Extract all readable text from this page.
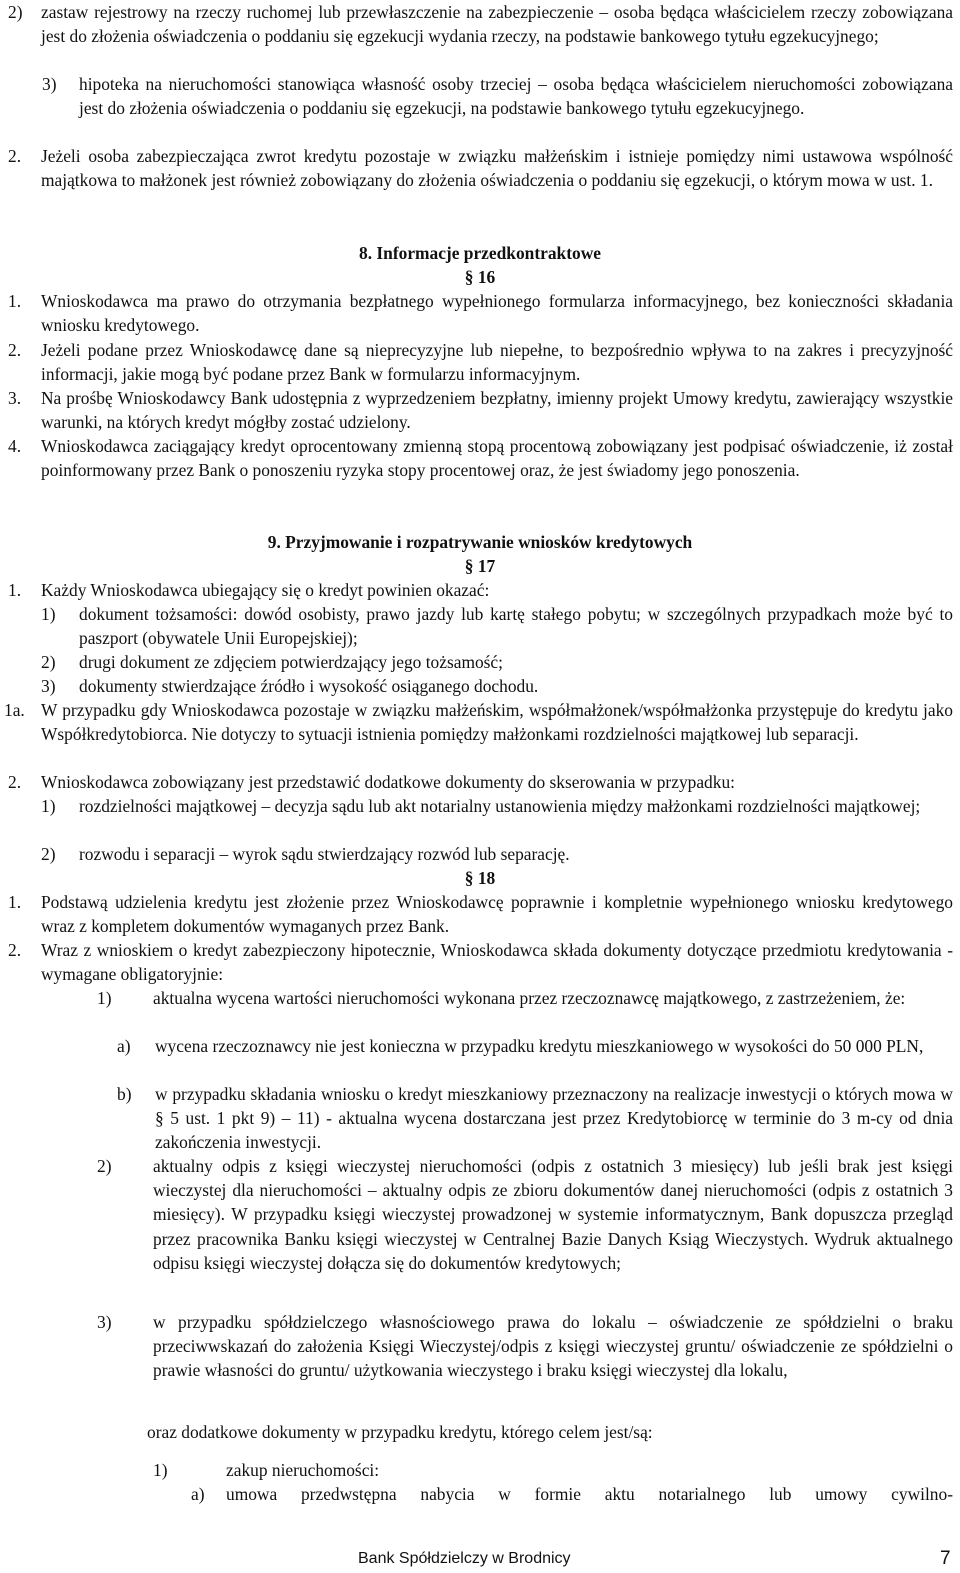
2) zastaw rejestrowy na rzeczy ruchomej lub przewłaszczenie na zabezpieczenie – osoba będąca właścicielem rzeczy zobowiązana jest do złożenia oświadczenia o poddaniu się egzekucji wydania rzeczy, na podstawie bankowego tytułu egzekucyjnego;
3) hipoteka na nieruchomości stanowiąca własność osoby trzeciej – osoba będąca właścicielem nieruchomości zobowiązana jest do złożenia oświadczenia o poddaniu się egzekucji, na podstawie bankowego tytułu egzekucyjnego.
2. Jeżeli osoba zabezpieczająca zwrot kredytu pozostaje w związku małżeńskim i istnieje pomiędzy nimi ustawowa wspólność majątkowa to małżonek jest również zobowiązany do złożenia oświadczenia o poddaniu się egzekucji, o którym mowa w ust. 1.
8. Informacje przedkontraktowe
§ 16
1. Wnioskodawca ma prawo do otrzymania bezpłatnego wypełnionego formularza informacyjnego, bez konieczności składania wniosku kredytowego.
2. Jeżeli podane przez Wnioskodawcę dane są nieprecyzyjne lub niepełne, to bezpośrednio wpływa to na zakres i precyzyjność informacji, jakie mogą być podane przez Bank w formularzu informacyjnym.
3. Na prośbę Wnioskodawcy Bank udostępnia z wyprzedzeniem bezpłatny, imienny projekt Umowy kredytu, zawierający wszystkie warunki, na których kredyt mógłby zostać udzielony.
4. Wnioskodawca zaciągający kredyt oprocentowany zmienną stopą procentową zobowiązany jest podpisać oświadczenie, iż został poinformowany przez Bank o ponoszeniu ryzyka stopy procentowej oraz, że jest świadomy jego ponoszenia.
9. Przyjmowanie i rozpatrywanie wniosków kredytowych
§ 17
1. Każdy Wnioskodawca ubiegający się o kredyt powinien okazać:
1) dokument tożsamości: dowód osobisty, prawo jazdy lub kartę stałego pobytu; w szczególnych przypadkach może być to paszport (obywatele Unii Europejskiej);
2) drugi dokument ze zdjęciem potwierdzający jego tożsamość;
3) dokumenty stwierdzające źródło i wysokość osiąganego dochodu.
1a. W przypadku gdy Wnioskodawca pozostaje w związku małżeńskim, współmałżonek/współmałżonka przystępuje do kredytu jako Współkredytobiorca. Nie dotyczy to sytuacji istnienia pomiędzy małżonkami rozdzielności majątkowej lub separacji.
2. Wnioskodawca zobowiązany jest przedstawić dodatkowe dokumenty do skserowania w przypadku:
1) rozdzielności majątkowej – decyzja sądu lub akt notarialny ustanowienia między małżonkami rozdzielności majątkowej;
2) rozwodu i separacji – wyrok sądu stwierdzający rozwód lub separację.
§ 18
1. Podstawą udzielenia kredytu jest złożenie przez Wnioskodawcę poprawnie i kompletnie wypełnionego wniosku kredytowego wraz z kompletem dokumentów wymaganych przez Bank.
2. Wraz z wnioskiem o kredyt zabezpieczony hipotecznie, Wnioskodawca składa dokumenty dotyczące przedmiotu kredytowania - wymagane obligatoryjnie:
1) aktualna wycena wartości nieruchomości wykonana przez rzeczoznawcę majątkowego, z zastrzeżeniem, że:
a) wycena rzeczoznawcy nie jest konieczna w przypadku kredytu mieszkaniowego w wysokości do 50 000 PLN,
b) w przypadku składania wniosku o kredyt mieszkaniowy przeznaczony na realizacje inwestycji o których mowa w § 5 ust. 1 pkt 9) – 11) - aktualna wycena dostarczana jest przez Kredytobiorcę w terminie do 3 m-cy od dnia zakończenia inwestycji.
2) aktualny odpis z księgi wieczystej nieruchomości (odpis z ostatnich 3 miesięcy) lub jeśli brak jest księgi wieczystej dla nieruchomości – aktualny odpis ze zbioru dokumentów danej nieruchomości (odpis z ostatnich 3 miesięcy). W przypadku księgi wieczystej prowadzonej w systemie informatycznym, Bank dopuszcza przegląd przez pracownika Banku księgi wieczystej w Centralnej Bazie Danych Ksiąg Wieczystych. Wydruk aktualnego odpisu księgi wieczystej dołącza się do dokumentów kredytowych;
3) w przypadku spółdzielczego własnościowego prawa do lokalu – oświadczenie ze spółdzielni o braku przeciwwskazań do założenia Księgi Wieczystej/odpis z księgi wieczystej gruntu/ oświadczenie ze spółdzielni o prawie własności do gruntu/ użytkowania wieczystego i braku księgi wieczystej dla lokalu,
oraz dodatkowe dokumenty w przypadku kredytu, którego celem jest/są:
1)	zakup nieruchomości:
a) umowa przedwstępna nabycia w formie aktu notarialnego lub umowy cywilno-
Bank Spółdzielczy w Brodnicy	7
